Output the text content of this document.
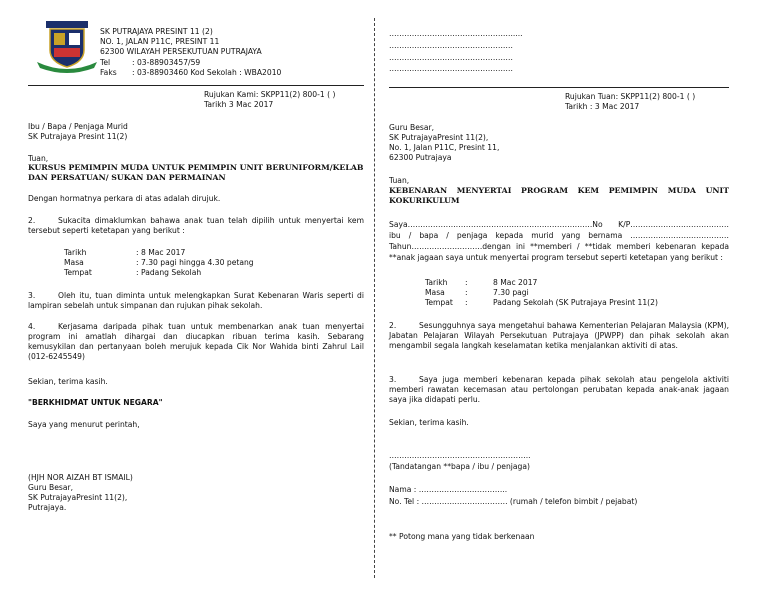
SK PUTRAJAYA PRESINT 11 (2)
NO. 1, JALAN P11C, PRESINT 11
62300 WILAYAH PERSEKUTUAN PUTRAJAYA
Tel	: 03-88903457/59
Faks	: 03-88903460 Kod Sekolah : WBA2010
Rujukan Kami: SKPP11(2) 800-1 ( )
Tarikh 3 Mac 2017
Ibu / Bapa / Penjaga Murid
SK Putrajaya Presint 11(2)
Tuan,
KURSUS PEMIMPIN MUDA UNTUK PEMIMPIN UNIT BERUNIFORM/KELAB DAN PERSATUAN/ SUKAN DAN PERMAINAN
Dengan hormatnya perkara di atas adalah dirujuk.
2.	Sukacita dimaklumkan bahawa anak tuan telah dipilih untuk menyertai kem tersebut seperti ketetapan yang berikut :
Tarikh	: 8 Mac 2017
Masa	: 7.30 pagi hingga 4.30 petang
Tempat	: Padang Sekolah
3.	Oleh itu, tuan diminta untuk melengkapkan Surat Kebenaran Waris seperti di lampiran sebelah untuk simpanan dan rujukan pihak sekolah.
4.	Kerjasama daripada pihak tuan untuk membenarkan anak tuan menyertai program ini amatlah dihargai dan diucapkan ribuan terima kasih. Sebarang kemusykilan dan pertanyaan boleh merujuk kepada Cik Nor Wahida binti Zahrul Lail (012-6245549)
Sekian, terima kasih.
"BERKHIDMAT UNTUK NEGARA"
Saya yang menurut perintah,
(HJH NOR AIZAH BT ISMAIL)
Guru Besar,
SK PutrajayaPresint 11(2),
Putrajaya.
………………………………………….....
………………………………………….
………………………………………….
………………………………………….
Rujukan Tuan: SKPP11(2) 800-1 ( )
Tarikh : 3 Mac 2017
Guru Besar,
SK PutrajayaPresint 11(2),
No. 1, Jalan P11C, Presint 11,
62300 Putrajaya
Tuan,
KEBENARAN MENYERTAI PROGRAM KEM PEMIMPIN MUDA UNIT KOKURIKULUM
Saya……………………………………………………………….No K/P………………………………… ibu / bapa / penjaga kepada murid yang bernama ………………………………… Tahun……………………….dengan ini **memberi / **tidak memberi kebenaran kepada **anak jagaan saya untuk menyertai program tersebut seperti ketetapan yang berikut :
Tarikh	:	8 Mac 2017
Masa	:	7.30 pagi
Tempat	:	Padang Sekolah (SK Putrajaya Presint 11(2)
2.	Sesungguhnya saya mengetahui bahawa Kementerian Pelajaran Malaysia (KPM), Jabatan Pelajaran Wilayah Persekutuan Putrajaya (JPWPP) dan pihak sekolah akan mengambil segala langkah keselamatan ketika menjalankan aktiviti di atas.
3.	Saya juga memberi kebenaran kepada pihak sekolah atau pengelola aktiviti memberi rawatan kecemasan atau pertolongan perubatan kepada anak-anak jagaan saya jika didapati perlu.
Sekian, terima kasih.
………………………………………………..
(Tandatangan **bapa / ibu / penjaga)
Nama : ……………………………..
No. Tel : ……………………………. (rumah / telefon bimbit / pejabat)
** Potong mana yang tidak berkenaan
